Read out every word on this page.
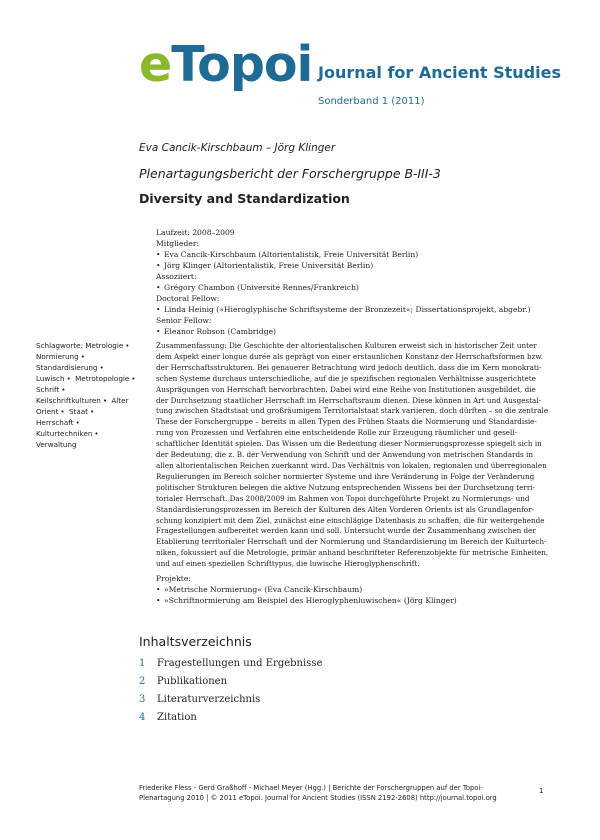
eTopoi Journal for Ancient Studies
Sonderband 1 (2011)
Eva Cancik-Kirschbaum – Jörg Klinger
Plenartagungsbericht der Forschergruppe B-III-3
Diversity and Standardization
Laufzeit: 2008–2009
Mitglieder:
• Eva Cancik-Kirschbaum (Altorientalistik, Freie Universität Berlin)
• Jörg Klinger (Altorientalistik, Freie Universität Berlin)
Assoziiert:
• Grégory Chambon (Université Rennes/Frankreich)
Doctoral Fellow:
• Linda Heinig (»Hieroglyphische Schriftsysteme der Bronzezeit«; Dissertationsprojekt, abgebr.)
Senior Fellow:
• Eleanor Robson (Cambridge)
Schlagworte: Metrologie • Normierung • Standardisierung • Luwisch • Metrotopologie • Schrift • Keilschriftkulturen • Alter Orient • Staat • Herrschaft • Kulturtechniken • Verwaltung
Zusammenfassung: Die Geschichte der altorientalischen Kulturen erweist sich in historischer Zeit unter
dem Aspekt einer longue durée als geprägt von einer erstaunlichen Konstanz der Herrschaftsformen bzw.
der Herrschaftsstrukturen. Bei genauerer Betrachtung wird jedoch deutlich, dass die im Kern monokrati-
schen Systeme durchaus unterschiedliche, auf die je spezifischen regionalen Verhältnisse ausgerichtete
Ausprägungen von Herrschaft hervorbrachten. Dabei wird eine Reihe von Institutionen ausgebildet, die
der Durchsetzung staatlicher Herrschaft im Herrschaftsraum dienen. Diese können in Art und Ausgestal-
tung zwischen Stadtstaat und großräumigem Territorialstaat stark variieren, doch dürften – so die zentrale
These der Forschergruppe – bereits in allen Typen des Frühen Staats die Normierung und Standardisie-
rung von Prozessen und Verfahren eine entscheidende Rolle zur Erzeugung räumlicher und gesell-
schaftlicher Identität spielen. Das Wissen um die Bedeutung dieser Normierungsprozesse spiegelt sich in
der Bedeutung, die z. B. der Verwendung von Schrift und der Anwendung von metrischen Standards in
allen altorientalischen Reichen zuerkannt wird. Das Verhältnis von lokalen, regionalen und überregionalen
Regulierungen im Bereich solcher normierter Systeme und ihre Veränderung in Folge der Veränderung
politischer Strukturen belegen die aktive Nutzung entsprechenden Wissens bei der Durchsetzung terri-
torialer Herrschaft. Das 2008/2009 im Rahmen von Topoi durchgeführte Projekt zu Normierungs- und
Standardisierungsprozessen im Bereich der Kulturen des Alten Vorderen Orients ist als Grundlagenfor-
schung konzipiert mit dem Ziel, zunächst eine einschlägige Datenbasis zu schaffen, die für weitergehende
Fragestellungen aufbereitet werden kann und soll. Untersucht wurde der Zusammenhang zwischen der
Etablierung territorialer Herrschaft und der Normierung und Standardisierung im Bereich der Kulturtech-
niken, fokussiert auf die Metrologie, primär anhand beschrifteter Referenzobjekte für metrische Einheiten,
und auf einen speziellen Schrifttypus, die luwische Hieroglyphenschrift.
Projekte:
• »Metrische Normierung« (Eva Cancik-Kirschbaum)
• »Schriftnormierung am Beispiel des Hieroglyphenluwischen« (Jörg Klinger)
Inhaltsverzeichnis
1 Fragestellungen und Ergebnisse
2 Publikationen
3 Literaturverzeichnis
4 Zitation
Friederike Fless - Gerd Graßhoff - Michael Meyer (Hgg.) | Berichte der Forschergruppen auf der Topoi-
Plenartagung 2010 | © 2011 eTopoi. Journal for Ancient Studies (ISSN 2192-2608) http://journal.topoi.org
1
